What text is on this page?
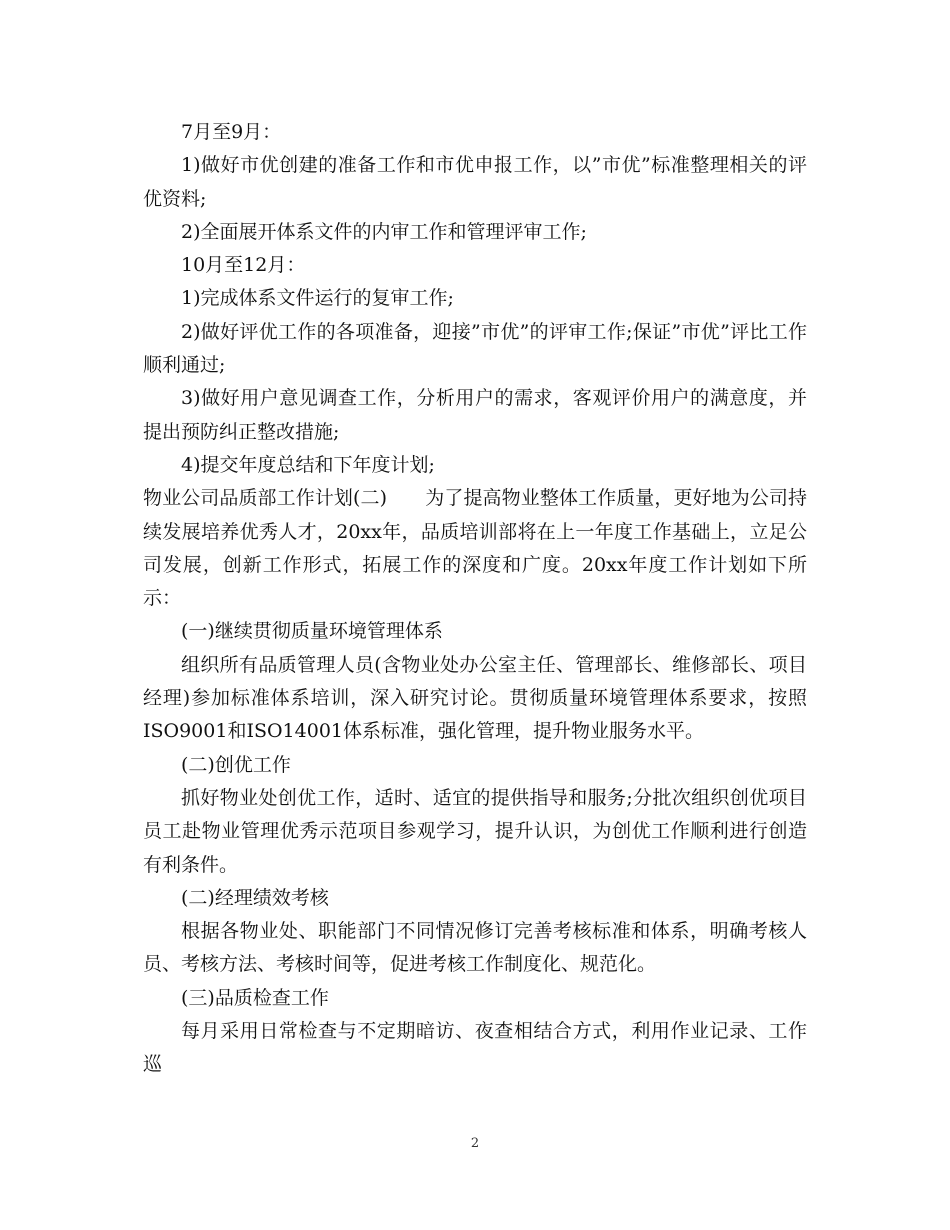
7月至9月：

1)做好市优创建的准备工作和市优申报工作，以”市优”标准整理相关的评优资料;

2)全面展开体系文件的内审工作和管理评审工作;

10月至12月：

1)完成体系文件运行的复审工作;

2)做好评优工作的各项准备，迎接”市优”的评审工作;保证”市优”评比工作顺利通过;

3)做好用户意见调查工作，分析用户的需求，客观评价用户的满意度，并提出预防纠正整改措施;

4)提交年度总结和下年度计划;

物业公司品质部工作计划(二)　　为了提高物业整体工作质量，更好地为公司持续发展培养优秀人才，20xx年，品质培训部将在上一年度工作基础上，立足公司发展，创新工作形式，拓展工作的深度和广度。20xx年度工作计划如下所示：

(一)继续贯彻质量环境管理体系

组织所有品质管理人员(含物业处办公室主任、管理部长、维修部长、项目经理)参加标准体系培训，深入研究讨论。贯彻质量环境管理体系要求，按照ISO9001和ISO14001体系标准，强化管理，提升物业服务水平。

(二)创优工作

抓好物业处创优工作，适时、适宜的提供指导和服务;分批次组织创优项目员工赴物业管理优秀示范项目参观学习，提升认识，为创优工作顺利进行创造有利条件。

(二)经理绩效考核

根据各物业处、职能部门不同情况修订完善考核标准和体系，明确考核人员、考核方法、考核时间等，促进考核工作制度化、规范化。

(三)品质检查工作

每月采用日常检查与不定期暗访、夜查相结合方式，利用作业记录、工作巡

2
